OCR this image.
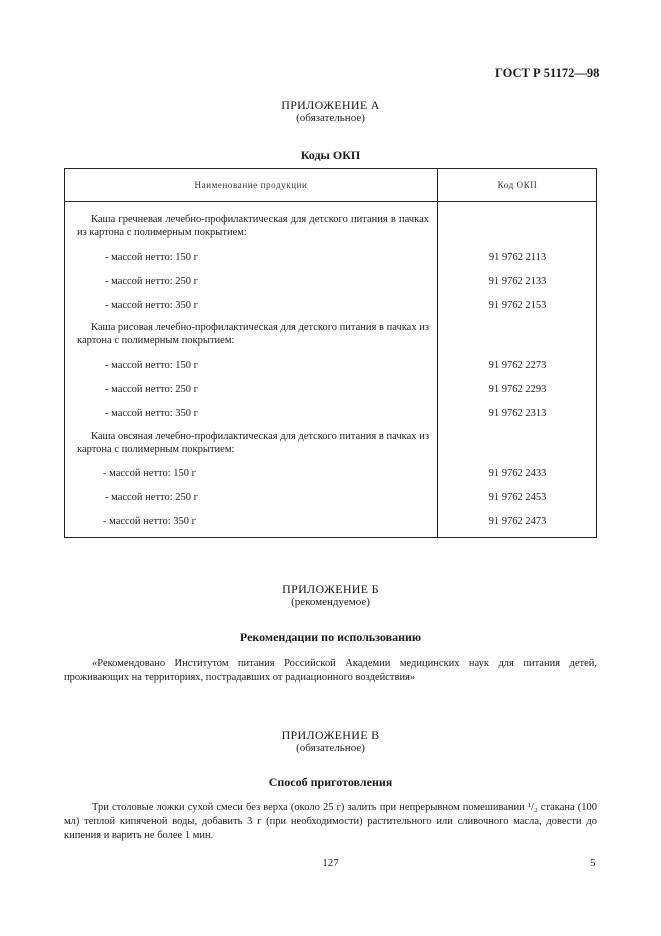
ГОСТ Р 51172—98
ПРИЛОЖЕНИЕ А
(обязательное)
Коды ОКП
Наименование продукции	Код ОКП
Каша гречневая лечебно-профилактическая для детского питания в пачках из картона с полимерным покрытием:
- массой нетто: 150 г	91 9762 2113
- массой нетто: 250 г	91 9762 2133
- массой нетто: 350 г	91 9762 2153
Каша рисовая лечебно-профилактическая для детского питания в пачках из картона с полимерным покрытием:
- массой нетто: 150 г	91 9762 2273
- массой нетто: 250 г	91 9762 2293
- массой нетто: 350 г	91 9762 2313
Каша овсяная лечебно-профилактическая для детского питания в пачках из картона с полимерным покрытием:
- массой нетто: 150 г	91 9762 2433
- массой нетто: 250 г	91 9762 2453
- массой нетто: 350 г	91 9762 2473
ПРИЛОЖЕНИЕ Б
(рекомендуемое)
Рекомендации по использованию
«Рекомендовано Институтом питания Российской Академии медицинских наук для питания детей, проживающих на территориях, пострадавших от радиационного воздействия»
ПРИЛОЖЕНИЕ В
(обязательное)
Способ приготовления
Три столовые ложки сухой смеси без верха (около 25 г) залить при непрерывном помешивании ¹/₂ стакана (100 мл) теплой кипяченой воды, добавить 3 г (при необходимости) растительного или сливочного масла, довести до кипения и варить не более 1 мин.
127	5
